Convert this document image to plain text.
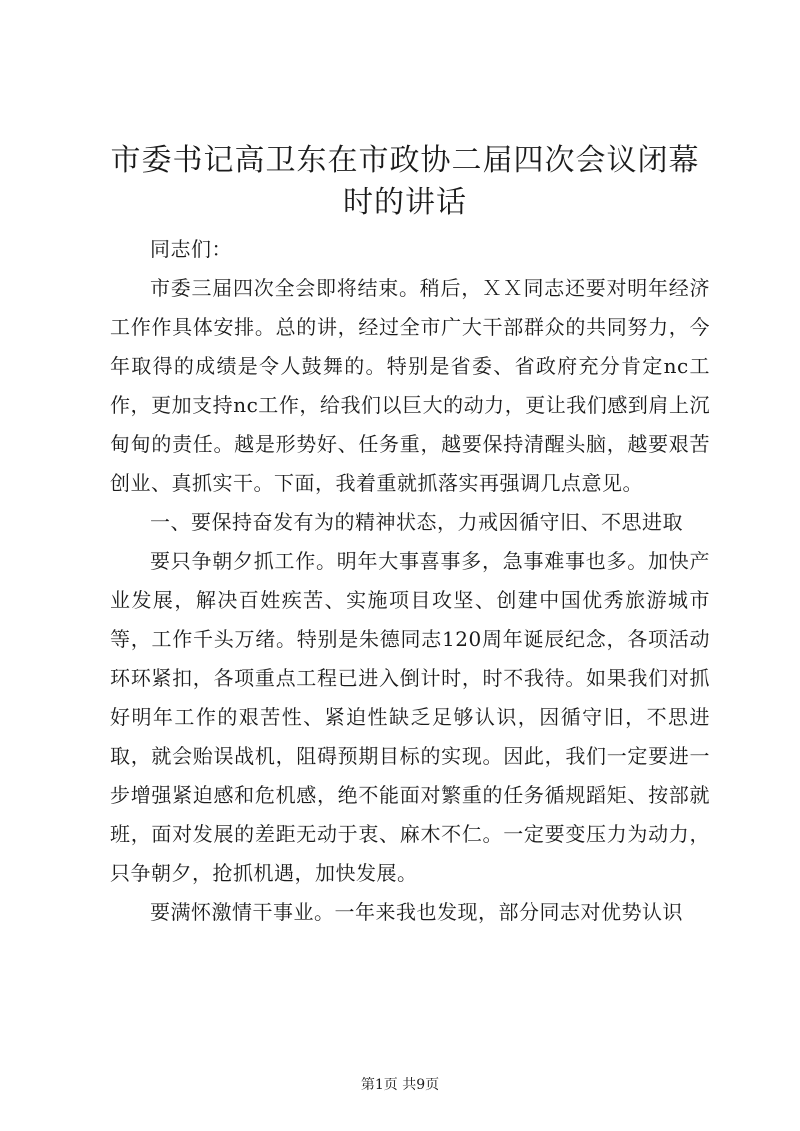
市委书记高卫东在市政协二届四次会议闭幕时的讲话

同志们：

市委三届四次全会即将结束。稍后，ＸＸ同志还要对明年经济工作作具体安排。总的讲，经过全市广大干部群众的共同努力，今年取得的成绩是令人鼓舞的。特别是省委、省政府充分肯定nc工作，更加支持nc工作，给我们以巨大的动力，更让我们感到肩上沉甸甸的责任。越是形势好、任务重，越要保持清醒头脑，越要艰苦创业、真抓实干。下面，我着重就抓落实再强调几点意见。

一、要保持奋发有为的精神状态，力戒因循守旧、不思进取

要只争朝夕抓工作。明年大事喜事多，急事难事也多。加快产业发展，解决百姓疾苦、实施项目攻坚、创建中国优秀旅游城市等，工作千头万绪。特别是朱德同志120周年诞辰纪念，各项活动环环紧扣，各项重点工程已进入倒计时，时不我待。如果我们对抓好明年工作的艰苦性、紧迫性缺乏足够认识，因循守旧，不思进取，就会贻误战机，阻碍预期目标的实现。因此，我们一定要进一步增强紧迫感和危机感，绝不能面对繁重的任务循规蹈矩、按部就班，面对发展的差距无动于衷、麻木不仁。一定要变压力为动力，只争朝夕，抢抓机遇，加快发展。

要满怀激情干事业。一年来我也发现，部分同志对优势认识

第1页 共9页
